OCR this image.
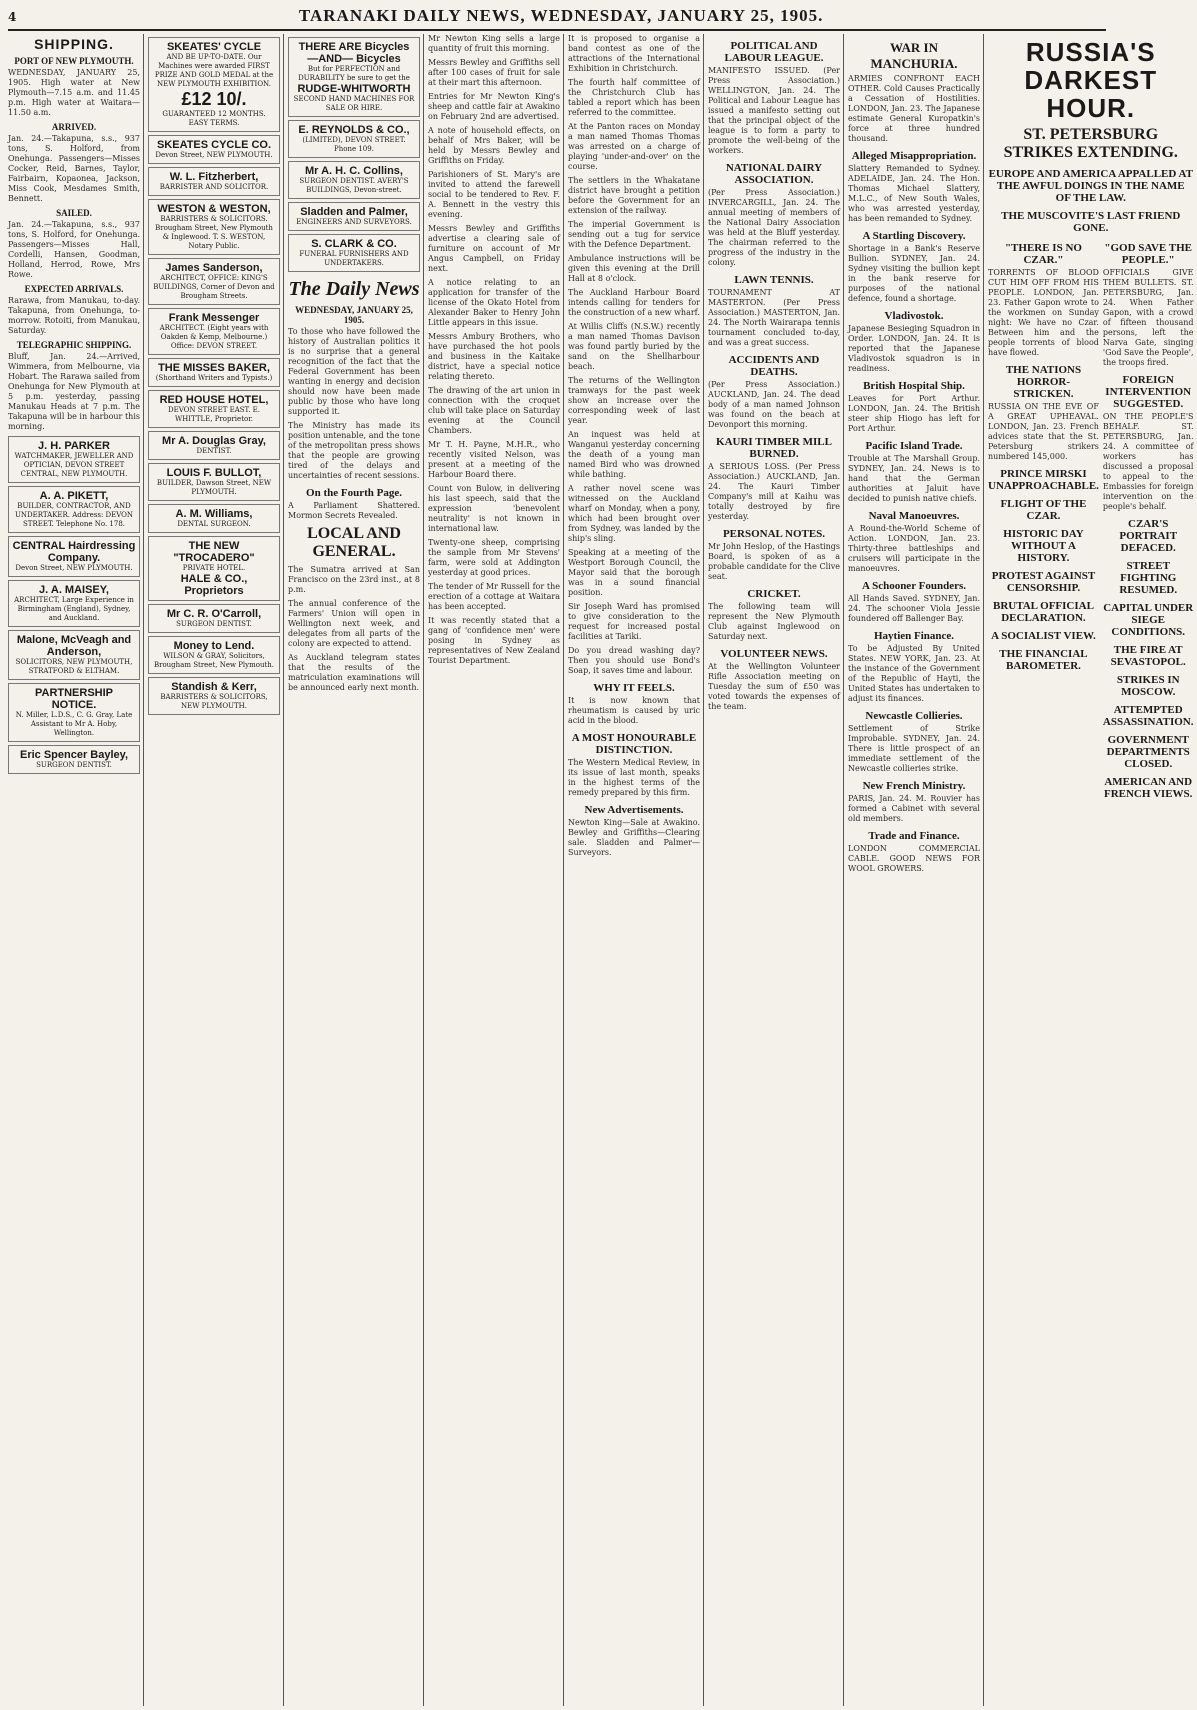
4	TARANAKI DAILY NEWS, WEDNESDAY, JANUARY 25, 1905.
SHIPPING.

PORT OF NEW PLYMOUTH.

WEDNESDAY, JANUARY 25, 1905. High water at New Plymouth—7.15 a.m. and 11.45 p.m. High water at Waitara—11.50 a.m.

ARRIVED.

Jan. 24.—Takapuna, s.s., 937 tons, S. Holford, from Onehunga. Passengers—Misses Cocker, Reid, Barnes, Taylor, Fairbairn, Kopaonea, Jackson, Miss Cook, Mesdames Smith, Bennett.

SAILED.

Jan. 24.—Takapuna, s.s., 937 tons, S. Holford, for Onehunga. Passengers—Misses Hall, Cordelli, Hansen, Goodman, Holland, Herrod, Rowe, Mrs Rowe.

EXPECTED ARRIVALS.

Rarawa, from Manukau, to-day. Takapuna, from Onehunga, to-morrow. Rotoiti, from Manukau, Saturday.

TELEGRAPHIC SHIPPING.

Bluff, Jan. 24.—Arrived, Wimmera, from Melbourne, via Hobart. The Rarawa sailed from Onehunga for New Plymouth at 5 p.m. yesterday, passing Manukau Heads at 7 p.m. The Takapuna will be in harbour this morning.

J. H. PARKER
WATCHMAKER, JEWELLER AND OPTICIAN, DEVON STREET CENTRAL, NEW PLYMOUTH.
A. A. PIKETT,
BUILDER, CONTRACTOR, AND UNDERTAKER. Address: DEVON STREET. Telephone No. 178.
CENTRAL Hairdressing Company.
Devon Street, NEW PLYMOUTH.
J. A. MAISEY,
ARCHITECT, Large Experience in Birmingham (England), Sydney, and Auckland.
Malone, McVeagh and Anderson,
SOLICITORS, NEW PLYMOUTH, STRATFORD & ELTHAM.
PARTNERSHIP NOTICE.
N. Miller, L.D.S., C. G. Gray, Late Assistant to Mr A. Hoby, Wellington.
Eric Spencer Bayley,
SURGEON DENTIST.
SKEATES' CYCLE
AND BE UP-TO-DATE. Our Machines were awarded FIRST PRIZE AND GOLD MEDAL at the NEW PLYMOUTH EXHIBITION.
£12 10/.
GUARANTEED 12 MONTHS. EASY TERMS.
SKEATES CYCLE CO.
Devon Street, NEW PLYMOUTH.
W. L. Fitzherbert,
BARRISTER AND SOLICITOR.
WESTON & WESTON,
BARRISTERS & SOLICITORS. Brougham Street, New Plymouth & Inglewood. T. S. WESTON, Notary Public.
James Sanderson,
ARCHITECT, OFFICE: KING'S BUILDINGS, Corner of Devon and Brougham Streets.
Frank Messenger
ARCHITECT. (Eight years with Oakden & Kemp, Melbourne.) Office: DEVON STREET.
THE MISSES BAKER,
(Shorthand Writers and Typists.)
RED HOUSE HOTEL,
DEVON STREET EAST. E. WHITTLE, Proprietor.
Mr A. Douglas Gray,
DENTIST.
LOUIS F. BULLOT,
BUILDER, Dawson Street, NEW PLYMOUTH.
A. M. Williams,
DENTAL SURGEON.
THE NEW "TROCADERO"
PRIVATE HOTEL.
HALE & CO., Proprietors
Mr C. R. O'Carroll,
SURGEON DENTIST.
Money to Lend.
WILSON & GRAY, Solicitors, Brougham Street, New Plymouth.
Standish & Kerr,
BARRISTERS & SOLICITORS, NEW PLYMOUTH.
THERE ARE Bicycles —AND— Bicycles
But for PERFECTION and DURABILITY be sure to get the
RUDGE-WHITWORTH
SECOND HAND MACHINES FOR SALE OR HIRE.
E. REYNOLDS & CO.,
(LIMITED), DEVON STREET. Phone 109.
Mr A. H. C. Collins,
SURGEON DENTIST. AVERY'S BUILDINGS, Devon-street.
Sladden and Palmer,
ENGINEERS AND SURVEYORS.
S. CLARK & CO.
FUNERAL FURNISHERS AND UNDERTAKERS.
The Daily News

WEDNESDAY, JANUARY 25, 1905.

To those who have followed the history of Australian politics it is no surprise that a general recognition of the fact that the Federal Government has been wanting in energy and decision should now have been made public by those who have long supported it.

The Ministry has made its position untenable, and the tone of the metropolitan press shows that the people are growing tired of the delays and uncertainties of recent sessions.

On the Fourth Page.

A Parliament Shattered. Mormon Secrets Revealed.

LOCAL AND GENERAL.

The Sumatra arrived at San Francisco on the 23rd inst., at 8 p.m.

The annual conference of the Farmers' Union will open in Wellington next week, and delegates from all parts of the colony are expected to attend.

As Auckland telegram states that the results of the matriculation examinations will be announced early next month.

Mr Newton King sells a large quantity of fruit this morning.

Messrs Bewley and Griffiths sell after 100 cases of fruit for sale at their mart this afternoon.

Entries for Mr Newton King's sheep and cattle fair at Awakino on February 2nd are advertised.

A note of household effects, on behalf of Mrs Baker, will be held by Messrs Bewley and Griffiths on Friday.

Parishioners of St. Mary's are invited to attend the farewell social to be tendered to Rev. F. A. Bennett in the vestry this evening.

Messrs Bewley and Griffiths advertise a clearing sale of furniture on account of Mr Angus Campbell, on Friday next.

A notice relating to an application for transfer of the license of the Okato Hotel from Alexander Baker to Henry John Little appears in this issue.

Messrs Ambury Brothers, who have purchased the hot pools and business in the Kaitake district, have a special notice relating thereto.

The drawing of the art union in connection with the croquet club will take place on Saturday evening at the Council Chambers.

Mr T. H. Payne, M.H.R., who recently visited Nelson, was present at a meeting of the Harbour Board there.

Count von Bulow, in delivering his last speech, said that the expression 'benevolent neutrality' is not known in international law.

Twenty-one sheep, comprising the sample from Mr Stevens' farm, were sold at Addington yesterday at good prices.

The tender of Mr Russell for the erection of a cottage at Waitara has been accepted.

It was recently stated that a gang of 'confidence men' were posing in Sydney as representatives of New Zealand Tourist Department.

It is proposed to organise a band contest as one of the attractions of the International Exhibition in Christchurch.

The fourth half committee of the Christchurch Club has tabled a report which has been referred to the committee.

At the Panton races on Monday a man named Thomas Thomas was arrested on a charge of playing 'under-and-over' on the course.

The settlers in the Whakatane district have brought a petition before the Government for an extension of the railway.

The imperial Government is sending out a tug for service with the Defence Department.

Ambulance instructions will be given this evening at the Drill Hall at 8 o'clock.

The Auckland Harbour Board intends calling for tenders for the construction of a new wharf.

At Willis Cliffs (N.S.W.) recently a man named Thomas Davison was found partly buried by the sand on the Shellharbour beach.

The returns of the Wellington tramways for the past week show an increase over the corresponding week of last year.

An inquest was held at Wanganui yesterday concerning the death of a young man named Bird who was drowned while bathing.

A rather novel scene was witnessed on the Auckland wharf on Monday, when a pony, which had been brought over from Sydney, was landed by the ship's sling.

Speaking at a meeting of the Westport Borough Council, the Mayor said that the borough was in a sound financial position.

Sir Joseph Ward has promised to give consideration to the request for increased postal facilities at Tariki.

Do you dread washing day? Then you should use Bond's Soap, it saves time and labour.

WHY IT FEELS.

It is now known that rheumatism is caused by uric acid in the blood.

A MOST HONOURABLE DISTINCTION.

The Western Medical Review, in its issue of last month, speaks in the highest terms of the remedy prepared by this firm.

New Advertisements.

Newton King—Sale at Awakino. Bewley and Griffiths—Clearing sale. Sladden and Palmer—Surveyors.

POLITICAL AND LABOUR LEAGUE.

MANIFESTO ISSUED. (Per Press Association.) WELLINGTON, Jan. 24. The Political and Labour League has issued a manifesto setting out that the principal object of the league is to form a party to promote the well-being of the workers.

NATIONAL DAIRY ASSOCIATION.

(Per Press Association.) INVERCARGILL, Jan. 24. The annual meeting of members of the National Dairy Association was held at the Bluff yesterday. The chairman referred to the progress of the industry in the colony.

LAWN TENNIS.

TOURNAMENT AT MASTERTON. (Per Press Association.) MASTERTON, Jan. 24. The North Wairarapa tennis tournament concluded to-day, and was a great success.

ACCIDENTS AND DEATHS.

(Per Press Association.) AUCKLAND, Jan. 24. The dead body of a man named Johnson was found on the beach at Devonport this morning.

KAURI TIMBER MILL BURNED.

A SERIOUS LOSS. (Per Press Association.) AUCKLAND, Jan. 24. The Kauri Timber Company's mill at Kaihu was totally destroyed by fire yesterday.

PERSONAL NOTES.

Mr John Heslop, of the Hastings Board, is spoken of as a probable candidate for the Clive seat.

CRICKET.

The following team will represent the New Plymouth Club against Inglewood on Saturday next.

VOLUNTEER NEWS.

At the Wellington Volunteer Rifle Association meeting on Tuesday the sum of £50 was voted towards the expenses of the team.

WAR IN MANCHURIA.

ARMIES CONFRONT EACH OTHER. Cold Causes Practically a Cessation of Hostilities. LONDON, Jan. 23. The Japanese estimate General Kuropatkin's force at three hundred thousand.

Alleged Misappropriation.

Slattery Remanded to Sydney. ADELAIDE, Jan. 24. The Hon. Thomas Michael Slattery, M.L.C., of New South Wales, who was arrested yesterday, has been remanded to Sydney.

A Startling Discovery.

Shortage in a Bank's Reserve Bullion. SYDNEY, Jan. 24. Sydney visiting the bullion kept in the bank reserve for purposes of the national defence, found a shortage.

Vladivostok.

Japanese Besieging Squadron in Order. LONDON, Jan. 24. It is reported that the Japanese Vladivostok squadron is in readiness.

British Hospital Ship.

Leaves for Port Arthur. LONDON, Jan. 24. The British steer ship Hiogo has left for Port Arthur.

Pacific Island Trade.

Trouble at The Marshall Group. SYDNEY, Jan. 24. News is to hand that the German authorities at Jaluit have decided to punish native chiefs.

Naval Manoeuvres.

A Round-the-World Scheme of Action. LONDON, Jan. 23. Thirty-three battleships and cruisers will participate in the manoeuvres.

A Schooner Founders.

All Hands Saved. SYDNEY, Jan. 24. The schooner Viola Jessie foundered off Ballenger Bay.

Haytien Finance.

To be Adjusted By United States. NEW YORK, Jan. 23. At the instance of the Government of the Republic of Hayti, the United States has undertaken to adjust its finances.

Newcastle Collieries.

Settlement of Strike Improbable. SYDNEY, Jan. 24. There is little prospect of an immediate settlement of the Newcastle collieries strike.

New French Ministry.

PARIS, Jan. 24. M. Rouvier has formed a Cabinet with several old members.

Trade and Finance.

LONDON COMMERCIAL CABLE. GOOD NEWS FOR WOOL GROWERS.

RUSSIA'S DARKEST HOUR.
ST. PETERSBURG STRIKES EXTENDING.
EUROPE AND AMERICA APPALLED AT THE AWFUL DOINGS IN THE NAME OF THE LAW.
THE MUSCOVITE'S LAST FRIEND GONE.
"THERE IS NO CZAR."

TORRENTS OF BLOOD CUT HIM OFF FROM HIS PEOPLE. LONDON, Jan. 23. Father Gapon wrote to the workmen on Sunday night: We have no Czar. Between him and the people torrents of blood have flowed.

THE NATIONS HORROR-STRICKEN.

RUSSIA ON THE EVE OF A GREAT UPHEAVAL. LONDON, Jan. 23. French advices state that the St. Petersburg strikers numbered 145,000.

PRINCE MIRSKI UNAPPROACHABLE.
FLIGHT OF THE CZAR.
HISTORIC DAY WITHOUT A HISTORY.
PROTEST AGAINST CENSORSHIP.
BRUTAL OFFICIAL DECLARATION.
A SOCIALIST VIEW.
THE FINANCIAL BAROMETER.
"GOD SAVE THE PEOPLE."

OFFICIALS GIVE THEM BULLETS. ST. PETERSBURG, Jan. 24. When Father Gapon, with a crowd of fifteen thousand persons, left the Narva Gate, singing 'God Save the People', the troops fired.

FOREIGN INTERVENTION SUGGESTED.

ON THE PEOPLE'S BEHALF. ST. PETERSBURG, Jan. 24. A committee of workers has discussed a proposal to appeal to the Embassies for foreign intervention on the people's behalf.

CZAR'S PORTRAIT DEFACED.
STREET FIGHTING RESUMED.
CAPITAL UNDER SIEGE CONDITIONS.
THE FIRE AT SEVASTOPOL.
STRIKES IN MOSCOW.
ATTEMPTED ASSASSINATION.
GOVERNMENT DEPARTMENTS CLOSED.
AMERICAN AND FRENCH VIEWS.
